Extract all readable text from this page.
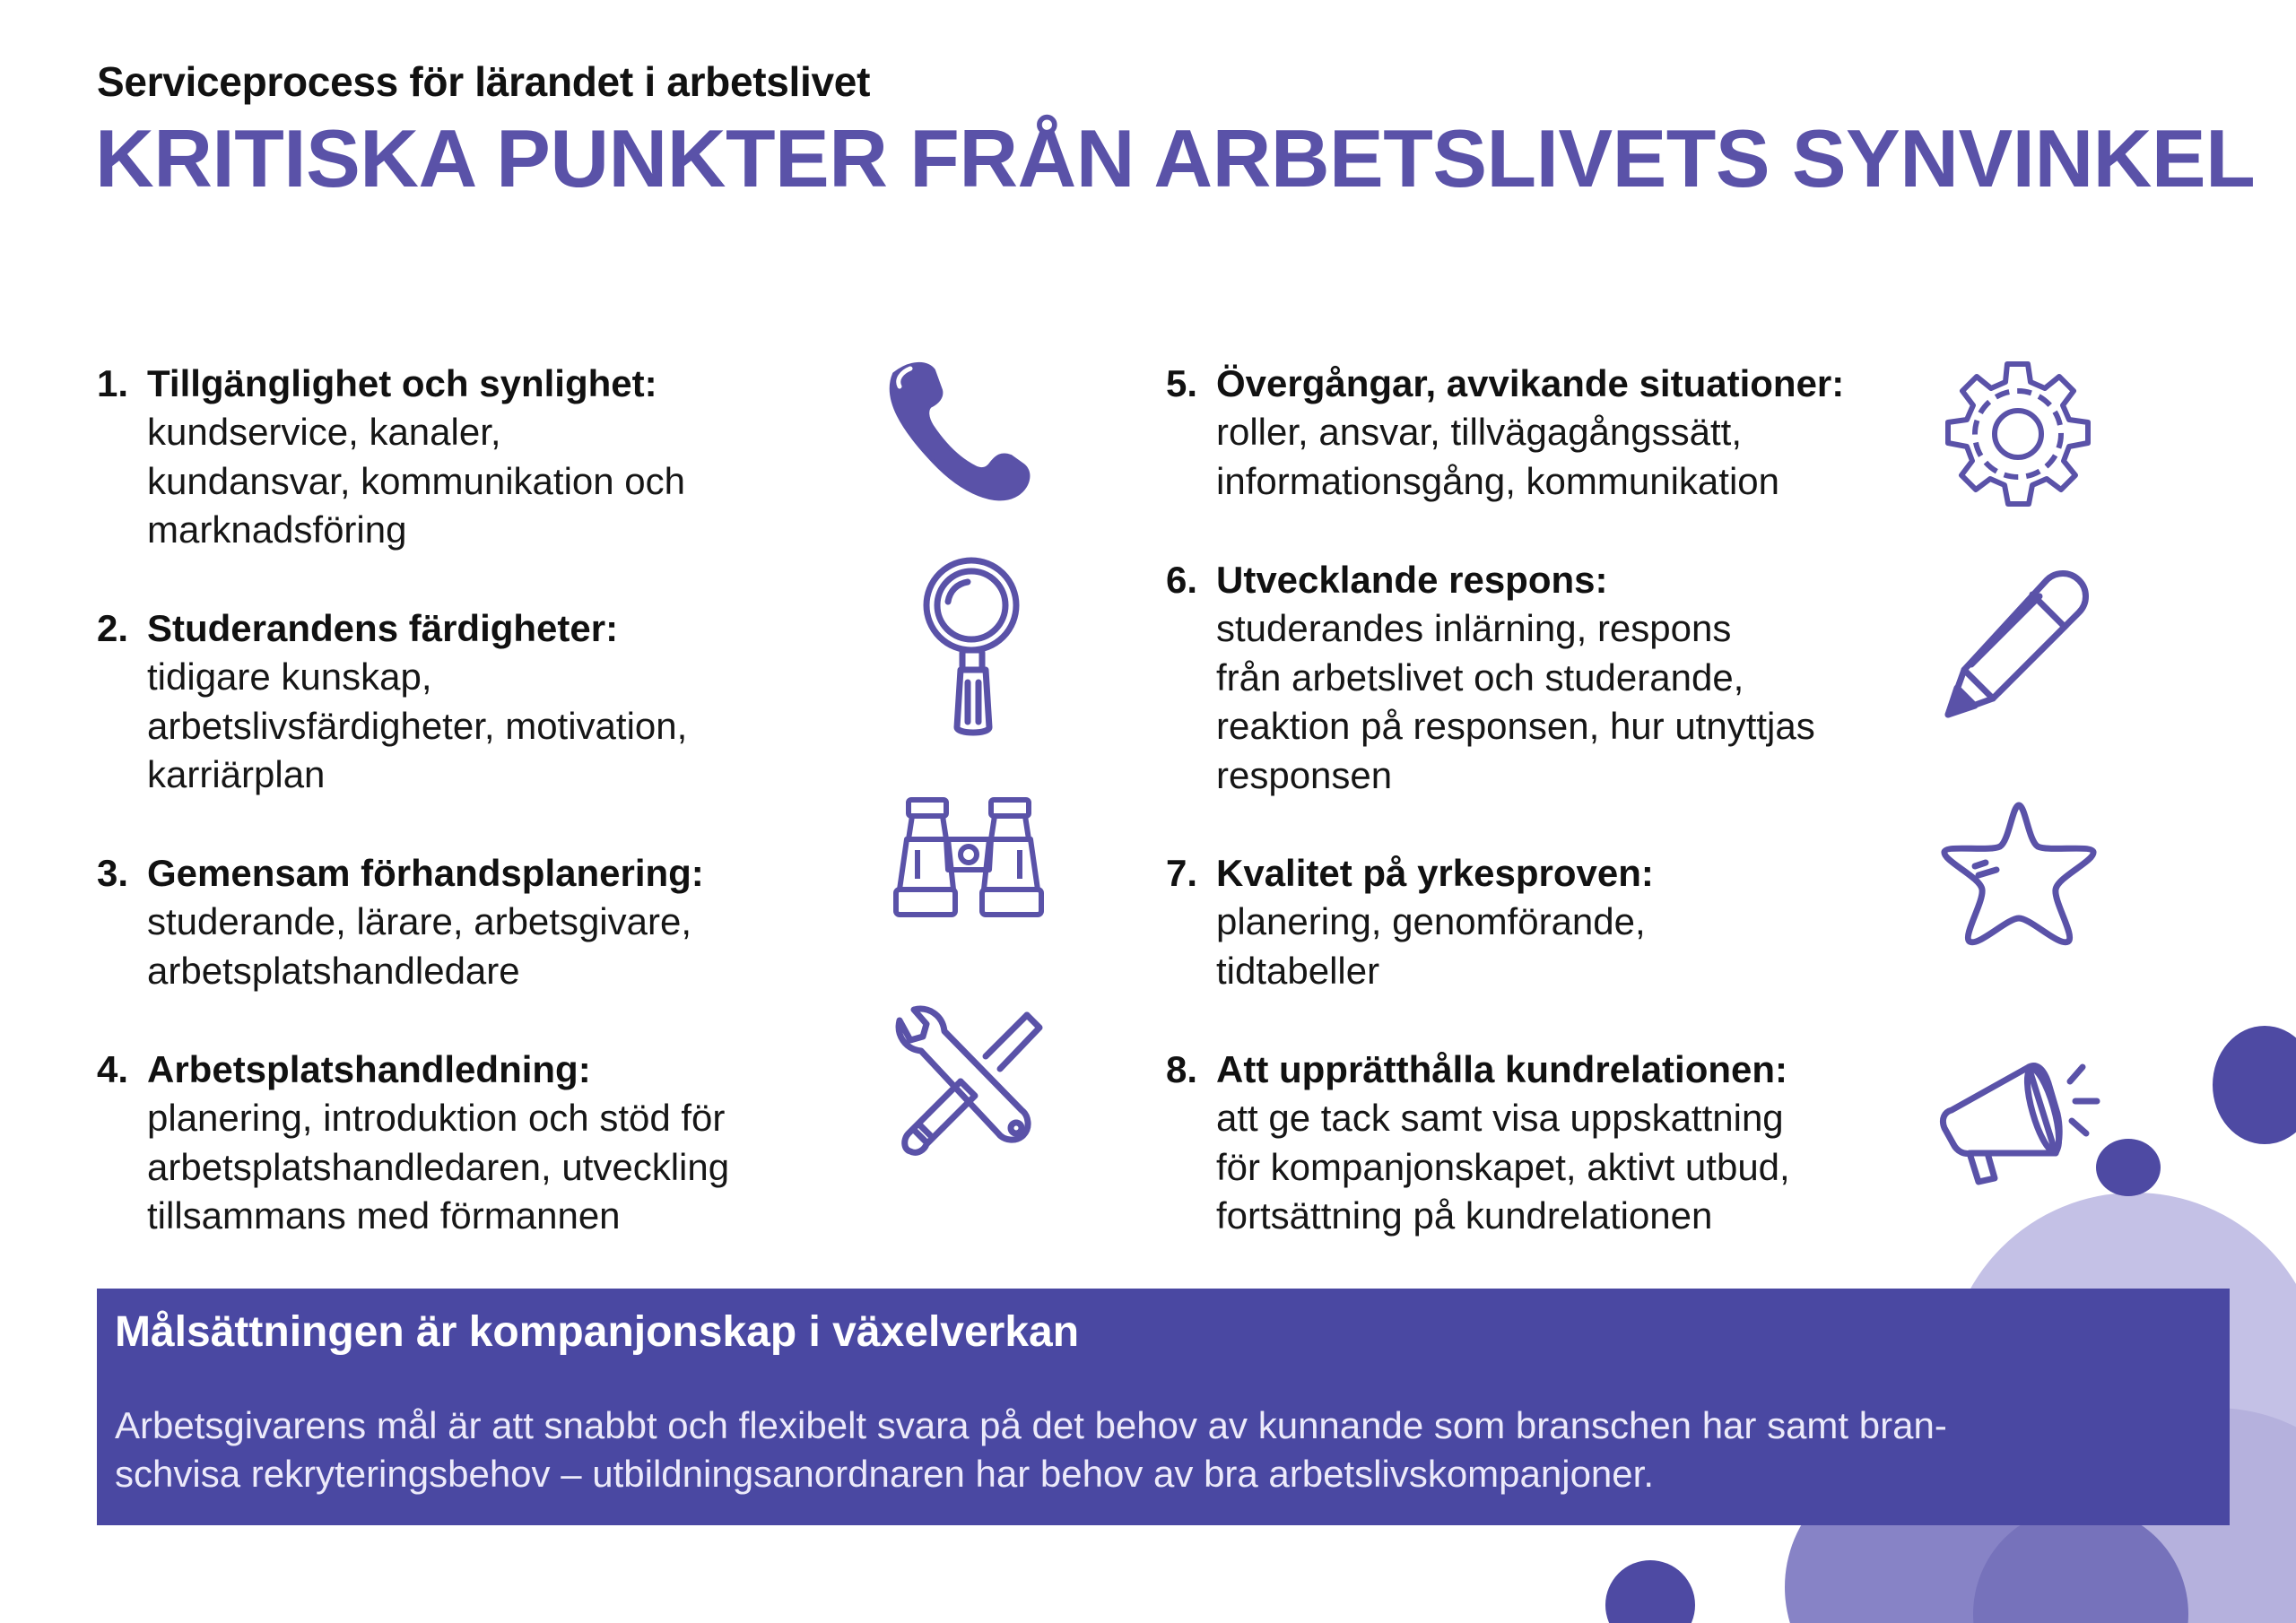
Serviceprocess för lärandet i arbetslivet
KRITISKA PUNKTER FRÅN ARBETSLIVETS SYNVINKEL
1. Tillgänglighet och synlighet:
kundservice, kanaler,
kundansvar, kommunikation och
marknadsföring
2. Studerandens färdigheter:
tidigare kunskap,
arbetslivsfärdigheter, motivation,
karriärplan
3. Gemensam förhandsplanering:
studerande, lärare, arbetsgivare,
arbetsplatshandledare
4. Arbetsplatshandledning:
planering, introduktion och stöd för
arbetsplatshandledaren, utveckling
tillsammans med förmannen
5. Övergångar, avvikande situationer:
roller, ansvar, tillvägagångssätt,
informationsgång, kommunikation
6. Utvecklande respons:
studerandes inlärning, respons
från arbetslivet och studerande,
reaktion på responsen, hur utnyttjas
responsen
7. Kvalitet på yrkesproven:
planering, genomförande,
tidtabeller
8. Att upprätthålla kundrelationen:
att ge tack samt visa uppskattning
för kompanjonskapet, aktivt utbud,
fortsättning på kundrelationen
Målsättningen är kompanjonskap i växelverkan
Arbetsgivarens mål är att snabbt och flexibelt svara på det behov av kunnande som branschen har samt bran-
schvisa rekryteringsbehov – utbildningsanordnaren har behov av bra arbetslivskompanjoner.
